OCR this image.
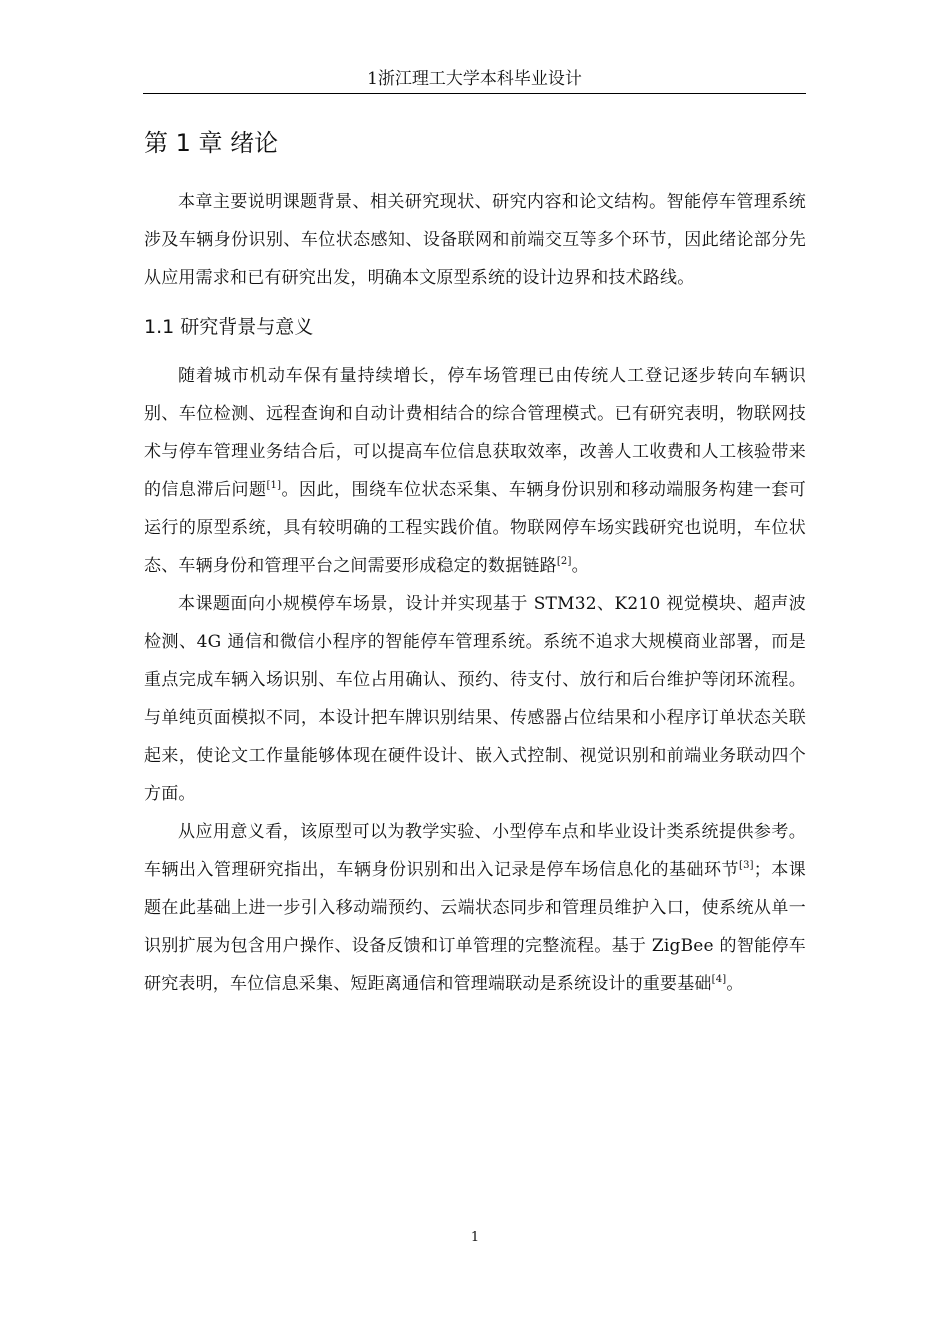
1浙江理工大学本科毕业设计
第 1 章 绪论

本章主要说明课题背景、相关研究现状、研究内容和论文结构。智能停车管理系统涉及车辆身份识别、车位状态感知、设备联网和前端交互等多个环节，因此绪论部分先从应用需求和已有研究出发，明确本文原型系统的设计边界和技术路线。

1.1 研究背景与意义

随着城市机动车保有量持续增长，停车场管理已由传统人工登记逐步转向车辆识别、车位检测、远程查询和自动计费相结合的综合管理模式。已有研究表明，物联网技术与停车管理业务结合后，可以提高车位信息获取效率，改善人工收费和人工核验带来的信息滞后问题[1]。因此，围绕车位状态采集、车辆身份识别和移动端服务构建一套可运行的原型系统，具有较明确的工程实践价值。物联网停车场实践研究也说明，车位状态、车辆身份和管理平台之间需要形成稳定的数据链路[2]。

本课题面向小规模停车场景，设计并实现基于 STM32、K210 视觉模块、超声波检测、4G 通信和微信小程序的智能停车管理系统。系统不追求大规模商业部署，而是重点完成车辆入场识别、车位占用确认、预约、待支付、放行和后台维护等闭环流程。与单纯页面模拟不同，本设计把车牌识别结果、传感器占位结果和小程序订单状态关联起来，使论文工作量能够体现在硬件设计、嵌入式控制、视觉识别和前端业务联动四个方面。

从应用意义看，该原型可以为教学实验、小型停车点和毕业设计类系统提供参考。车辆出入管理研究指出，车辆身份识别和出入记录是停车场信息化的基础环节[3]；本课题在此基础上进一步引入移动端预约、云端状态同步和管理员维护入口，使系统从单一识别扩展为包含用户操作、设备反馈和订单管理的完整流程。基于 ZigBee 的智能停车研究表明，车位信息采集、短距离通信和管理端联动是系统设计的重要基础[4]。

1
